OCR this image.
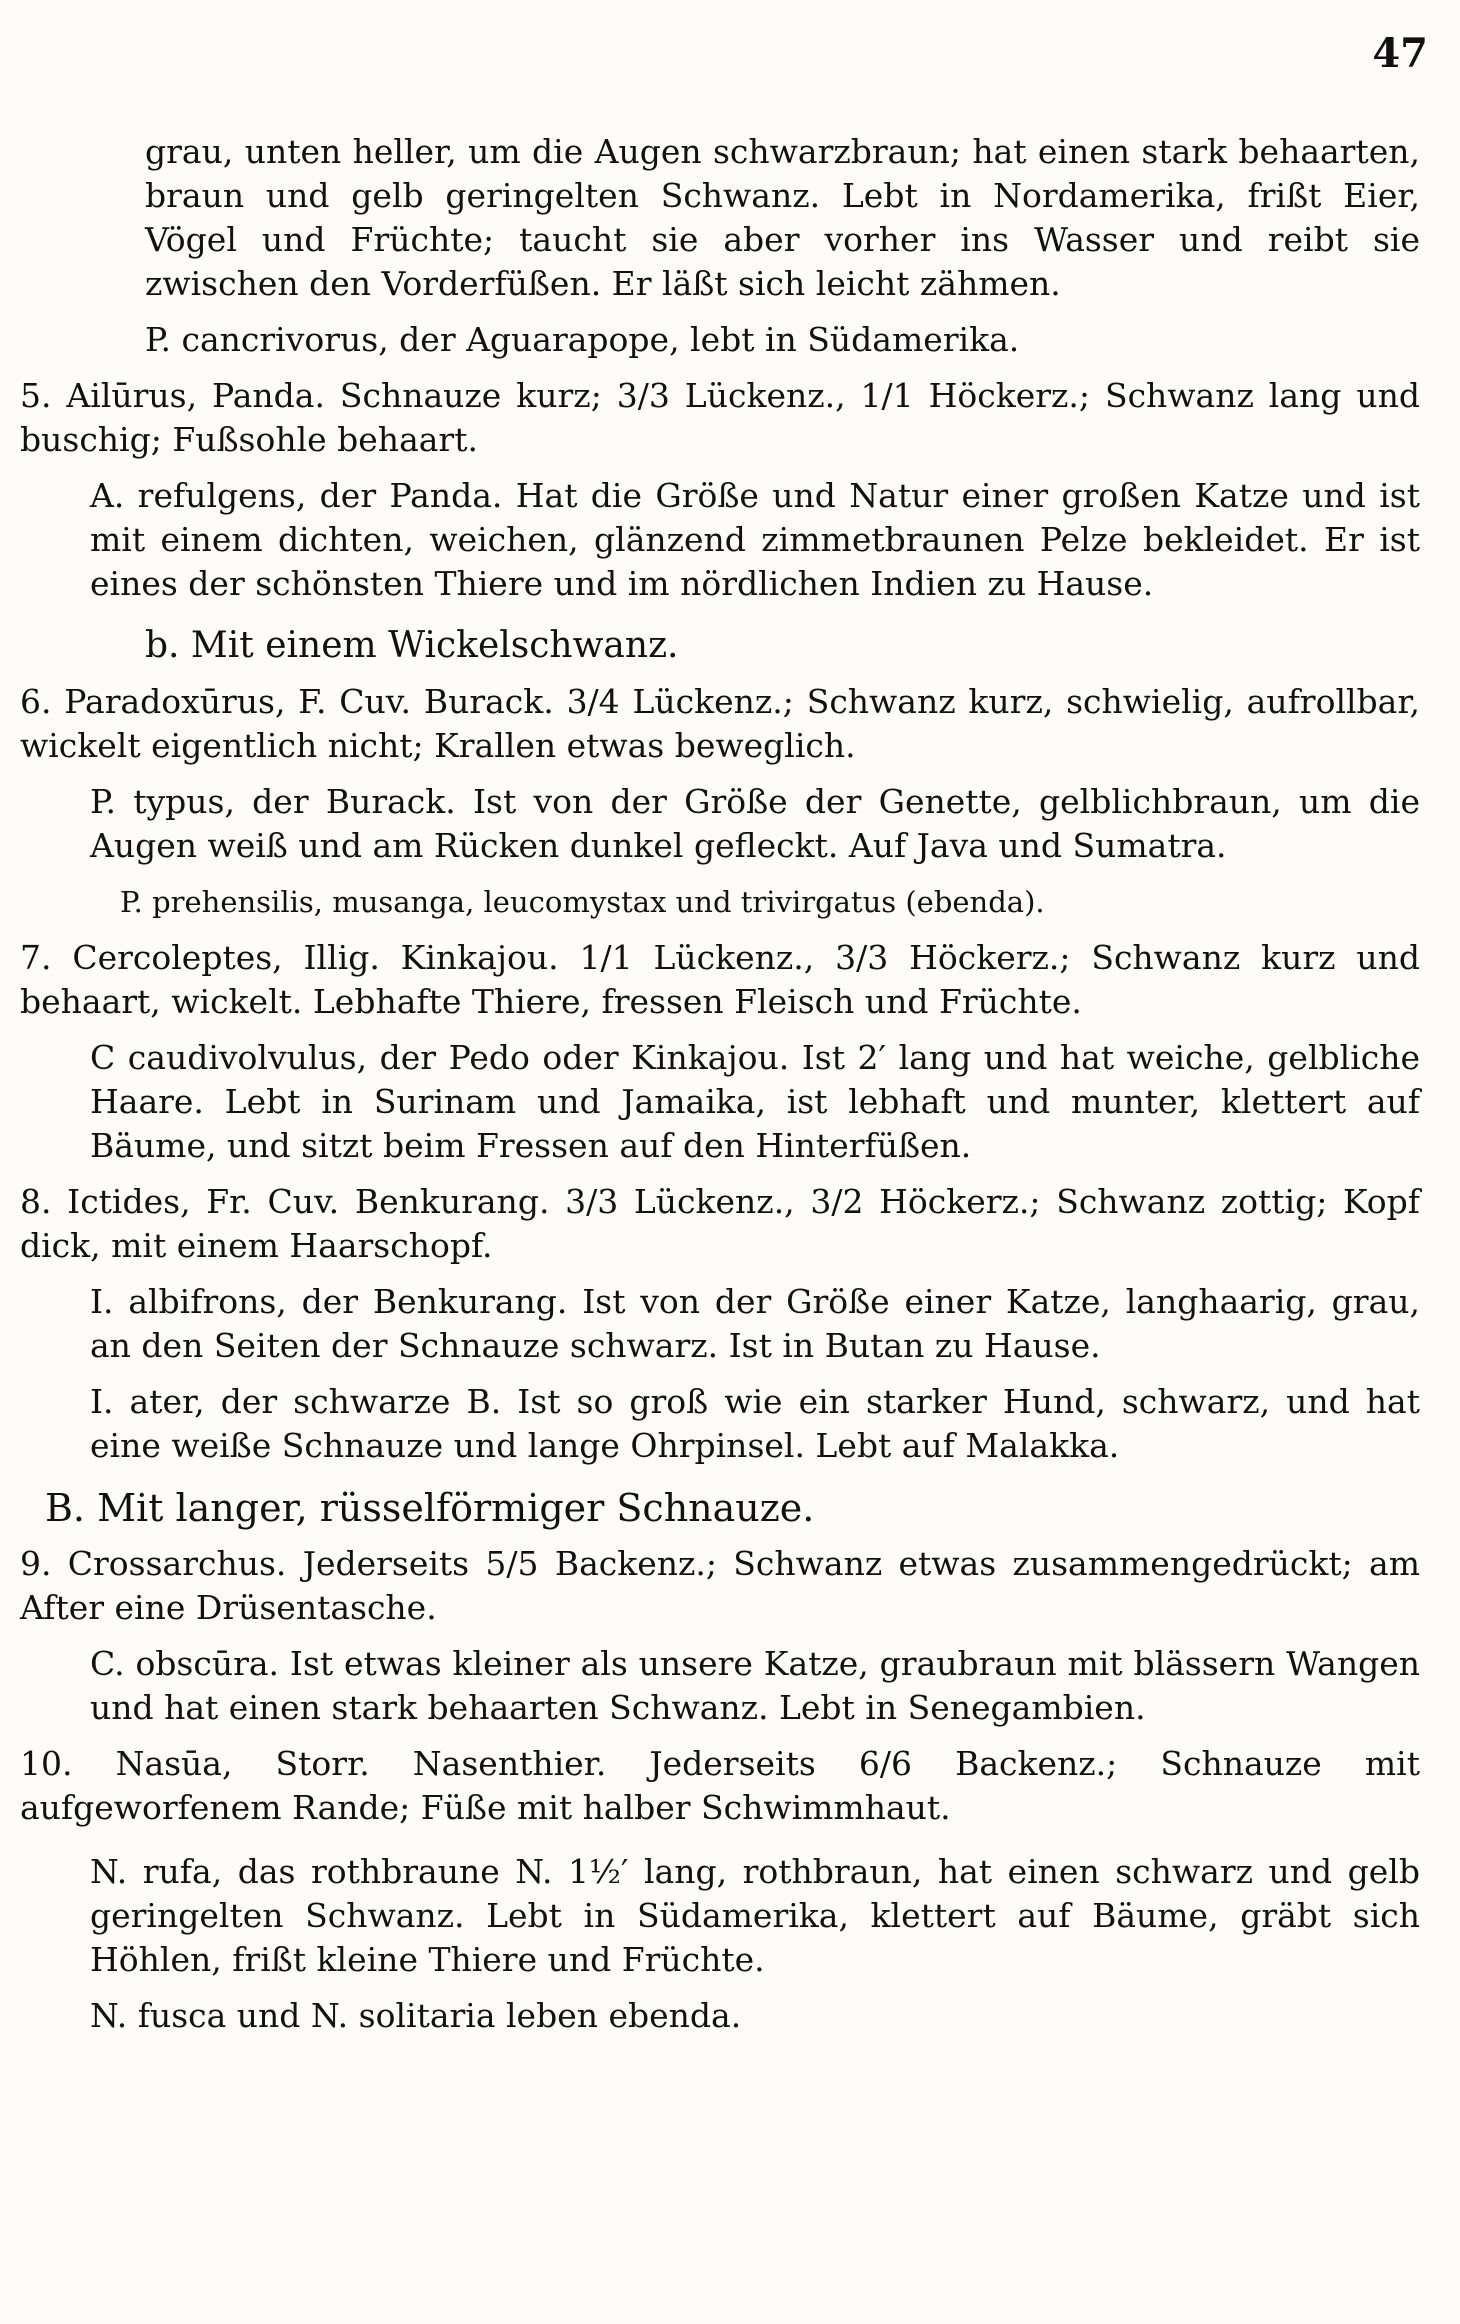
47

grau, unten heller, um die Augen schwarzbraun; hat einen stark behaarten, braun und gelb geringelten Schwanz. Lebt in Nordamerika, frißt Eier, Vögel und Früchte; taucht sie aber vorher ins Wasser und reibt sie zwischen den Vorderfüßen. Er läßt sich leicht zähmen.

P. cancrivorus, der Aguarapope, lebt in Südamerika.

5. Ailūrus, Panda. Schnauze kurz; 3/3 Lückenz., 1/1 Höckerz.; Schwanz lang und buschig; Fußsohle behaart.

A. refulgens, der Panda. Hat die Größe und Natur einer großen Katze und ist mit einem dichten, weichen, glänzend zimmetbraunen Pelze bekleidet. Er ist eines der schönsten Thiere und im nördlichen Indien zu Hause.

b. Mit einem Wickelschwanz.

6. Paradoxūrus, F. Cuv. Burack. 3/4 Lückenz.; Schwanz kurz, schwielig, aufrollbar, wickelt eigentlich nicht; Krallen etwas beweglich.

P. typus, der Burack. Ist von der Größe der Genette, gelblichbraun, um die Augen weiß und am Rücken dunkel gefleckt. Auf Java und Sumatra.

P. prehensilis, musanga, leucomystax und trivirgatus (ebenda).

7. Cercoleptes, Illig. Kinkajou. 1/1 Lückenz., 3/3 Höckerz.; Schwanz kurz und behaart, wickelt. Lebhafte Thiere, fressen Fleisch und Früchte.

C caudivolvulus, der Pedo oder Kinkajou. Ist 2′ lang und hat weiche, gelbliche Haare. Lebt in Surinam und Jamaika, ist lebhaft und munter, klettert auf Bäume, und sitzt beim Fressen auf den Hinterfüßen.

8. Ictides, Fr. Cuv. Benkurang. 3/3 Lückenz., 3/2 Höckerz.; Schwanz zottig; Kopf dick, mit einem Haarschopf.

I. albifrons, der Benkurang. Ist von der Größe einer Katze, langhaarig, grau, an den Seiten der Schnauze schwarz. Ist in Butan zu Hause.

I. ater, der schwarze B. Ist so groß wie ein starker Hund, schwarz, und hat eine weiße Schnauze und lange Ohrpinsel. Lebt auf Malakka.

B. Mit langer, rüsselförmiger Schnauze.

9. Crossarchus. Jederseits 5/5 Backenz.; Schwanz etwas zusammengedrückt; am After eine Drüsentasche.

C. obscūra. Ist etwas kleiner als unsere Katze, graubraun mit blässern Wangen und hat einen stark behaarten Schwanz. Lebt in Senegambien.

10. Nasūa, Storr. Nasenthier. Jederseits 6/6 Backenz.; Schnauze mit aufgeworfenem Rande; Füße mit halber Schwimmhaut.

N. rufa, das rothbraune N. 1½′ lang, rothbraun, hat einen schwarz und gelb geringelten Schwanz. Lebt in Südamerika, klettert auf Bäume, gräbt sich Höhlen, frißt kleine Thiere und Früchte.

N. fusca und N. solitaria leben ebenda.
